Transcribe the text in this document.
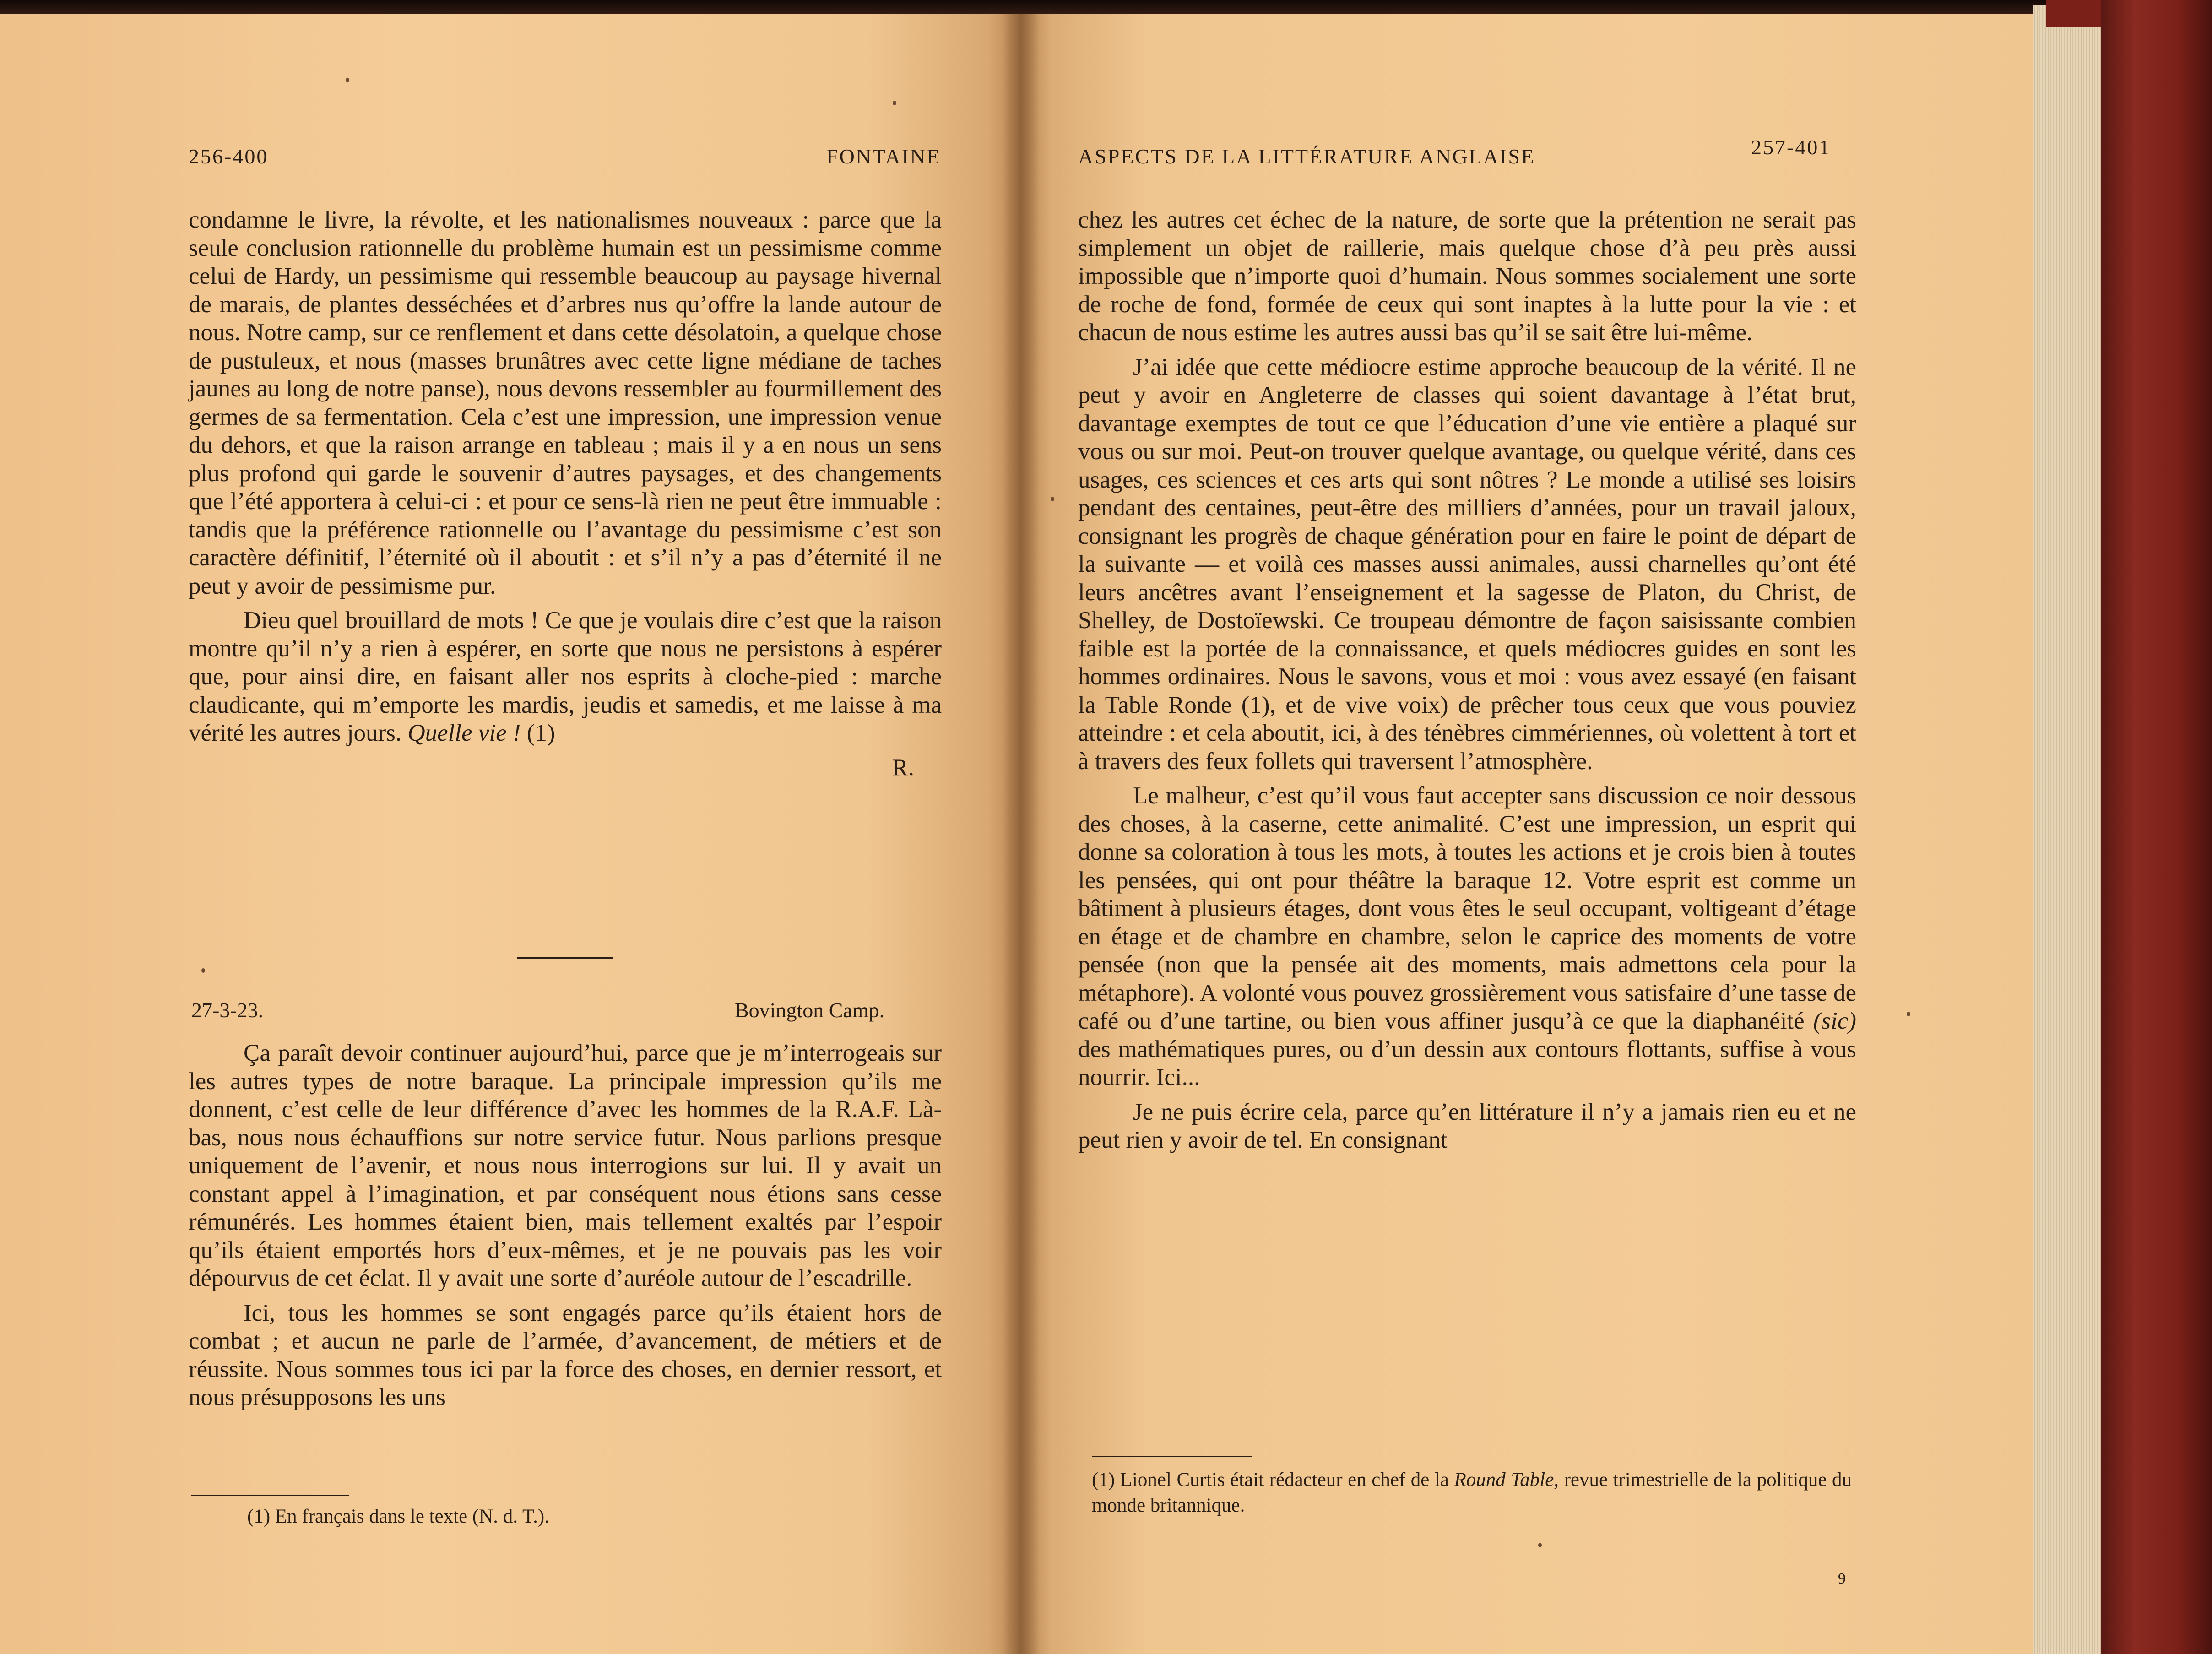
256-400	FONTAINE

condamne le livre, la révolte, et les nationalismes nouveaux : parce que la seule conclusion rationnelle du problème humain est un pessimisme comme celui de Hardy, un pessimisme qui ressemble beaucoup au paysage hivernal de marais, de plantes desséchées et d’arbres nus qu’offre la lande autour de nous. Notre camp, sur ce renflement et dans cette désolatoin, a quelque chose de pustuleux, et nous (masses brunâtres avec cette ligne médiane de taches jaunes au long de notre panse), nous devons ressembler au fourmillement des germes de sa fermentation. Cela c’est une impression, une impression venue du dehors, et que la raison arrange en tableau ; mais il y a en nous un sens plus profond qui garde le souvenir d’autres paysages, et des changements que l’été apportera à celui-ci : et pour ce sens-là rien ne peut être immuable : tandis que la préférence rationnelle ou l’avantage du pessimisme c’est son caractère définitif, l’éternité où il aboutit : et s’il n’y a pas d’éternité il ne peut y avoir de pessimisme pur.

Dieu quel brouillard de mots ! Ce que je voulais dire c’est que la raison montre qu’il n’y a rien à espérer, en sorte que nous ne persistons à espérer que, pour ainsi dire, en faisant aller nos esprits à cloche-pied : marche claudicante, qui m’emporte les mardis, jeudis et samedis, et me laisse à ma vérité les autres jours. Quelle vie ! (1)

R.

27-3-23.	Bovington Camp.

Ça paraît devoir continuer aujourd’hui, parce que je m’interrogeais sur les autres types de notre baraque. La principale impression qu’ils me donnent, c’est celle de leur différence d’avec les hommes de la R.A.F. Là-bas, nous nous échauffions sur notre service futur. Nous parlions presque uniquement de l’avenir, et nous nous interrogions sur lui. Il y avait un constant appel à l’imagination, et par conséquent nous étions sans cesse rémunérés. Les hommes étaient bien, mais tellement exaltés par l’espoir qu’ils étaient emportés hors d’eux-mêmes, et je ne pouvais pas les voir dépourvus de cet éclat. Il y avait une sorte d’auréole autour de l’escadrille.

Ici, tous les hommes se sont engagés parce qu’ils étaient hors de combat ; et aucun ne parle de l’armée, d’avancement, de métiers et de réussite. Nous sommes tous ici par la force des choses, en dernier ressort, et nous présupposons les uns

(1) En français dans le texte (N. d. T.).
ASPECTS DE LA LITTÉRATURE ANGLAISE	257-401

chez les autres cet échec de la nature, de sorte que la prétention ne serait pas simplement un objet de raillerie, mais quelque chose d’à peu près aussi impossible que n’importe quoi d’humain. Nous sommes socialement une sorte de roche de fond, formée de ceux qui sont inaptes à la lutte pour la vie : et chacun de nous estime les autres aussi bas qu’il se sait être lui-même.

J’ai idée que cette médiocre estime approche beaucoup de la vérité. Il ne peut y avoir en Angleterre de classes qui soient davantage à l’état brut, davantage exemptes de tout ce que l’éducation d’une vie entière a plaqué sur vous ou sur moi. Peut-on trouver quelque avantage, ou quelque vérité, dans ces usages, ces sciences et ces arts qui sont nôtres ? Le monde a utilisé ses loisirs pendant des centaines, peut-être des milliers d’années, pour un travail jaloux, consignant les progrès de chaque génération pour en faire le point de départ de la suivante — et voilà ces masses aussi animales, aussi charnelles qu’ont été leurs ancêtres avant l’enseignement et la sagesse de Platon, du Christ, de Shelley, de Dostoïewski. Ce troupeau démontre de façon saisissante combien faible est la portée de la connaissance, et quels médiocres guides en sont les hommes ordinaires. Nous le savons, vous et moi : vous avez essayé (en faisant la Table Ronde (1), et de vive voix) de prêcher tous ceux que vous pouviez atteindre : et cela aboutit, ici, à des ténèbres cimmériennes, où volettent à tort et à travers des feux follets qui traversent l’atmosphère.

Le malheur, c’est qu’il vous faut accepter sans discussion ce noir dessous des choses, à la caserne, cette animalité. C’est une impression, un esprit qui donne sa coloration à tous les mots, à toutes les actions et je crois bien à toutes les pensées, qui ont pour théâtre la baraque 12. Votre esprit est comme un bâtiment à plusieurs étages, dont vous êtes le seul occupant, voltigeant d’étage en étage et de chambre en chambre, selon le caprice des moments de votre pensée (non que la pensée ait des moments, mais admettons cela pour la métaphore). A volonté vous pouvez grossièrement vous satisfaire d’une tasse de café ou d’une tartine, ou bien vous affiner jusqu’à ce que la diaphanéité (sic) des mathématiques pures, ou d’un dessin aux contours flottants, suffise à vous nourrir. Ici...

Je ne puis écrire cela, parce qu’en littérature il n’y a jamais rien eu et ne peut rien y avoir de tel. En consignant

(1) Lionel Curtis était rédacteur en chef de la Round Table, revue trimestrielle de la politique du monde britannique.
9
